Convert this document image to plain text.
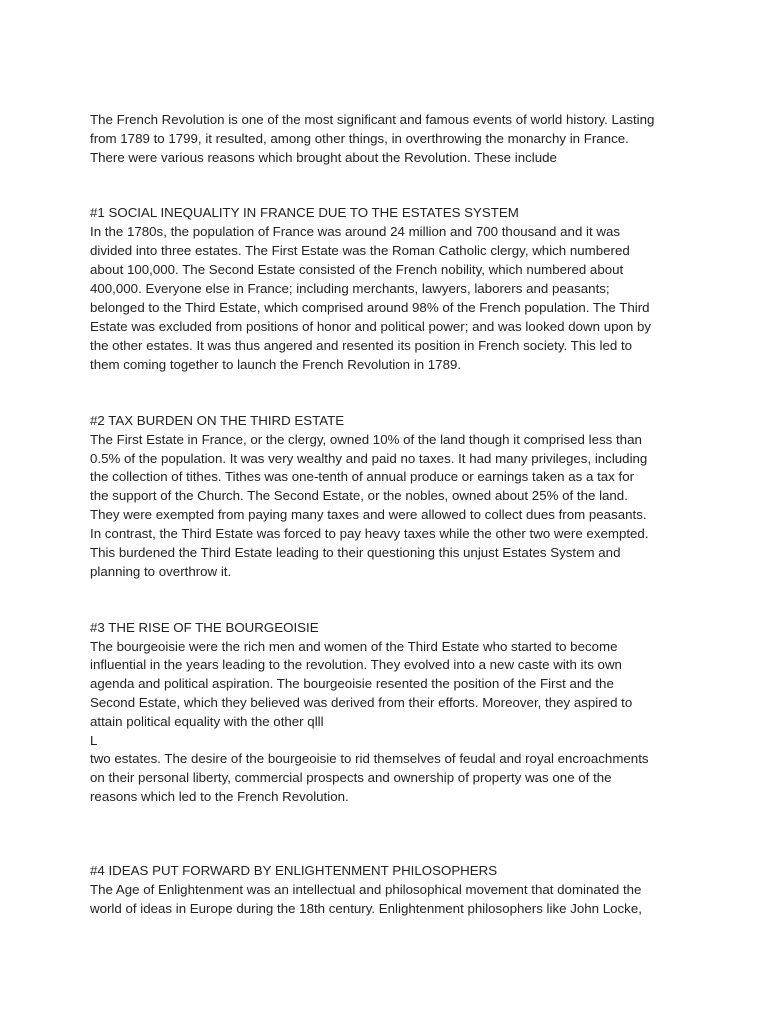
The French Revolution is one of the most significant and famous events of world history. Lasting
from 1789 to 1799, it resulted, among other things, in overthrowing the monarchy in France.
There were various reasons which brought about the Revolution. These include
#1 SOCIAL INEQUALITY IN FRANCE DUE TO THE ESTATES SYSTEM
In the 1780s, the population of France was around 24 million and 700 thousand and it was
divided into three estates. The First Estate was the Roman Catholic clergy, which numbered
about 100,000. The Second Estate consisted of the French nobility, which numbered about
400,000. Everyone else in France; including merchants, lawyers, laborers and peasants;
belonged to the Third Estate, which comprised around 98% of the French population. The Third
Estate was excluded from positions of honor and political power; and was looked down upon by
the other estates. It was thus angered and resented its position in French society. This led to
them coming together to launch the French Revolution in 1789.
#2 TAX BURDEN ON THE THIRD ESTATE
The First Estate in France, or the clergy, owned 10% of the land though it comprised less than
0.5% of the population. It was very wealthy and paid no taxes. It had many privileges, including
the collection of tithes. Tithes was one-tenth of annual produce or earnings taken as a tax for
the support of the Church. The Second Estate, or the nobles, owned about 25% of the land.
They were exempted from paying many taxes and were allowed to collect dues from peasants.
In contrast, the Third Estate was forced to pay heavy taxes while the other two were exempted.
This burdened the Third Estate leading to their questioning this unjust Estates System and
planning to overthrow it.
#3 THE RISE OF THE BOURGEOISIE
The bourgeoisie were the rich men and women of the Third Estate who started to become
influential in the years leading to the revolution. They evolved into a new caste with its own
agenda and political aspiration. The bourgeoisie resented the position of the First and the
Second Estate, which they believed was derived from their efforts. Moreover, they aspired to
attain political equality with the other qlll
L
two estates. The desire of the bourgeoisie to rid themselves of feudal and royal encroachments
on their personal liberty, commercial prospects and ownership of property was one of the
reasons which led to the French Revolution.
#4 IDEAS PUT FORWARD BY ENLIGHTENMENT PHILOSOPHERS
The Age of Enlightenment was an intellectual and philosophical movement that dominated the
world of ideas in Europe during the 18th century. Enlightenment philosophers like John Locke,
